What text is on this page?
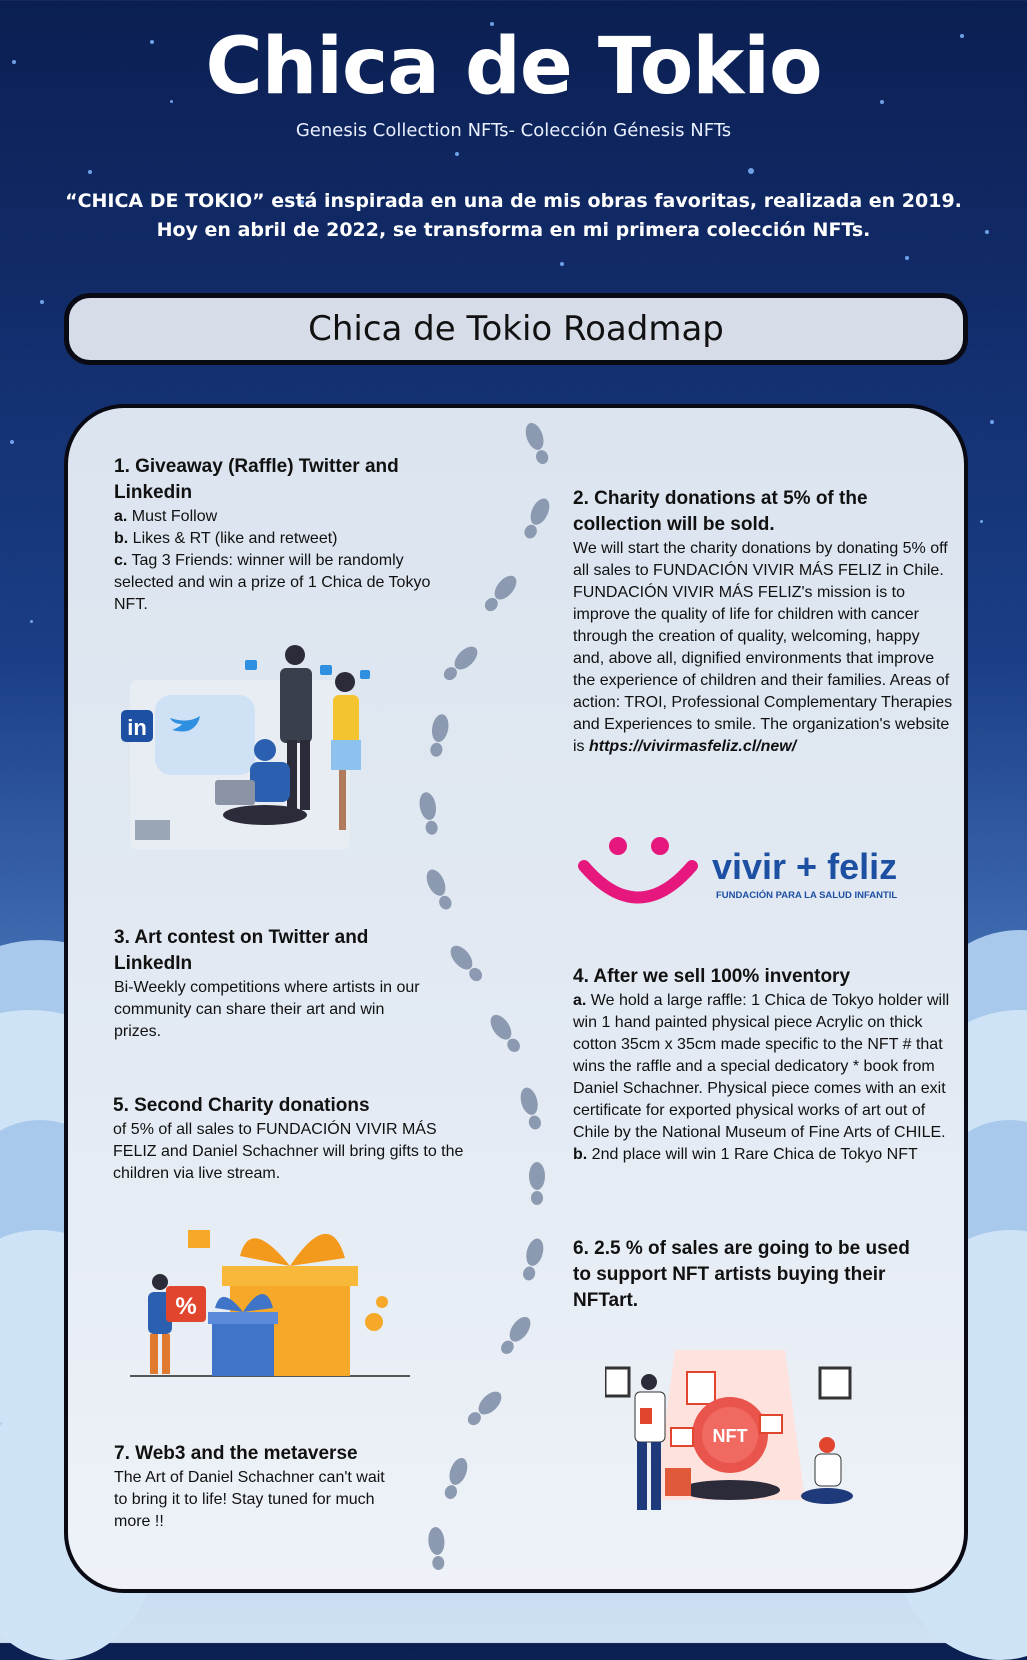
Chica de Tokio
Genesis Collection NFTs- Colección Génesis NFTs
“CHICA DE TOKIO” está inspirada en una de mis obras favoritas, realizada en 2019.
Hoy en abril de 2022, se transforma en mi primera colección NFTs.
Chica de Tokio Roadmap
1. Giveaway (Raffle) Twitter and Linkedin
a. Must Follow
b. Likes & RT (like and retweet)
c. Tag 3 Friends: winner will be randomly selected and win a prize of 1 Chica de Tokyo NFT.
in
2. Charity donations at 5% of the collection will be sold.
We will start the charity donations by donating 5% off all sales to FUNDACIÓN VIVIR MÁS FELIZ in Chile. FUNDACIÓN VIVIR MÁS FELIZ's mission is to improve the quality of life for children with cancer through the creation of quality, welcoming, happy and, above all, dignified environments that improve the experience of children and their families. Areas of action: TROI, Professional Complementary Therapies and Experiences to smile. The organization's website is https://vivirmasfeliz.cl/new/
vivir + feliz
FUNDACIÓN PARA LA SALUD INFANTIL
3. Art contest on Twitter and LinkedIn
Bi-Weekly competitions where artists in our community can share their art and win prizes.
4. After we sell 100% inventory
a. We hold a large raffle: 1 Chica de Tokyo holder will win 1 hand painted physical piece Acrylic on thick cotton 35cm x 35cm made specific to the NFT # that wins the raffle and a special dedicatory * book from Daniel Schachner. Physical piece comes with an exit certificate for exported physical works of art out of Chile by the National Museum of Fine Arts of CHILE.
b. 2nd place will win 1 Rare Chica de Tokyo NFT
5. Second Charity donations
of 5% of all sales to FUNDACIÓN VIVIR MÁS FELIZ and Daniel Schachner will bring gifts to the children via live stream.
%
6. 2.5 % of sales are going to be used to support NFT artists buying their NFTart.
NFT
7. Web3 and the metaverse
The Art of Daniel Schachner can't wait to bring it to life! Stay tuned for much more !!
